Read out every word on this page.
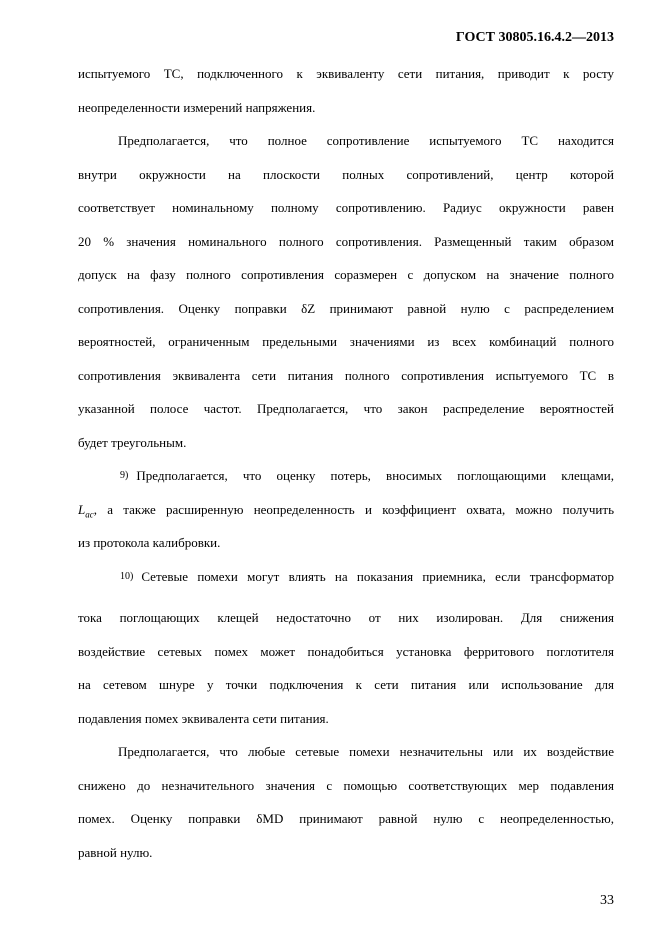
ГОСТ 30805.16.4.2—2013
испытуемого ТС, подключенного к эквиваленту сети питания, приводит к росту
неопределенности измерений напряжения.
Предполагается, что полное сопротивление испытуемого ТС находится
внутри окружности на плоскости полных сопротивлений, центр которой
соответствует номинальному полному сопротивлению. Радиус окружности равен
20 % значения номинального полного сопротивления. Размещенный таким образом
допуск на фазу полного сопротивления соразмерен с допуском на значение полного
сопротивления. Оценку поправки δZ принимают равной нулю с распределением
вероятностей, ограниченным предельными значениями из всех комбинаций полного
сопротивления эквивалента сети питания полного сопротивления испытуемого ТС в
указанной полосе частот. Предполагается, что закон распределение вероятностей
будет треугольным.
$^{9)}$ Предполагается, что оценку потерь, вносимых поглощающими клещами,
$L_{ac}$, а также расширенную неопределенность и коэффициент охвата, можно получить
из протокола калибровки.
$^{10)}$ Сетевые помехи могут влиять на показания приемника, если трансформатор
тока поглощающих клещей недостаточно от них изолирован. Для снижения
воздействие сетевых помех может понадобиться установка ферритового поглотителя
на сетевом шнуре у точки подключения к сети питания или использование для
подавления помех эквивалента сети питания.
Предполагается, что любые сетевые помехи незначительны или их воздействие
снижено до незначительного значения с помощью соответствующих мер подавления
помех. Оценку поправки δMD принимают равной нулю с неопределенностью,
равной нулю.
33
